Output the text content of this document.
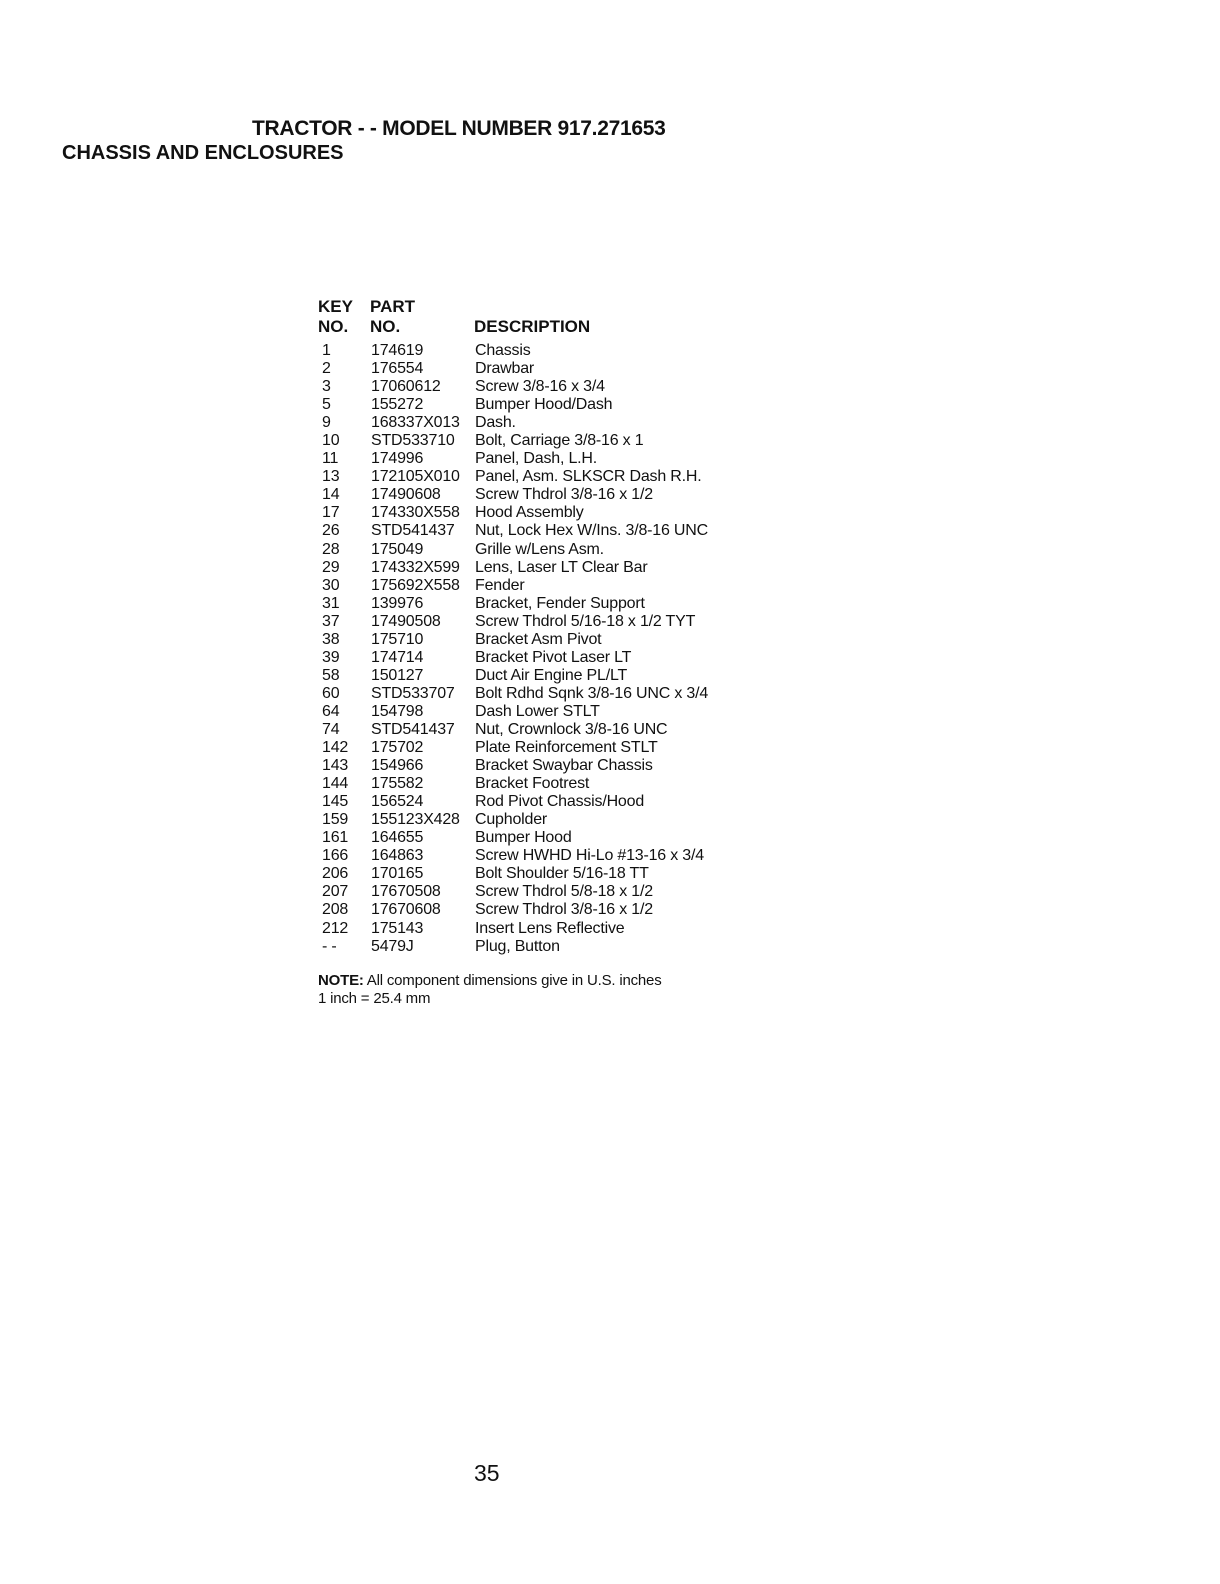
TRACTOR - - MODEL NUMBER 917.271653
CHASSIS AND ENCLOSURES
KEY PART
NO. NO.	DESCRIPTION
1	174619	Chassis
2	176554	Drawbar
3	17060612 Screw 3/8-16 x 3/4
5	155272	Bumper Hood/Dash
9	168337X013 Dash.
10 STD533710 Bolt, Carriage 3/8-16 x 1
11 174996	Panel, Dash, L.H.
13 172105X010 Panel, Asm. SLKSCR Dash R.H.
14 17490608 Screw Thdrol 3/8-16 x 1/2
17 174330X558 Hood Assembly
26 STD541437 Nut, Lock Hex W/Ins. 3/8-16 UNC
28 175049	Grille w/Lens Asm.
29 174332X599 Lens, Laser LT Clear Bar
30 175692X558 Fender
31 139976	Bracket, Fender Support
37 17490508 Screw Thdrol 5/16-18 x 1/2 TYT
38 175710	Bracket Asm Pivot
39 174714	Bracket Pivot Laser LT
58 150127	Duct Air Engine PL/LT
60 STD533707 Bolt Rdhd Sqnk 3/8-16 UNC x 3/4
64 154798	Dash Lower STLT
74 STD541437 Nut, Crownlock 3/8-16 UNC
142 175702	Plate Reinforcement STLT
143 154966	Bracket Swaybar Chassis
144 175582	Bracket Footrest
145 156524	Rod Pivot Chassis/Hood
159 155123X428 Cupholder
161 164655	Bumper Hood
166 164863	Screw HWHD Hi-Lo #13-16 x 3/4
206 170165	Bolt Shoulder 5/16-18 TT
207 17670508 Screw Thdrol 5/8-18 x 1/2
208 17670608 Screw Thdrol 3/8-16 x 1/2
212 175143	Insert Lens Reflective
- - 5479J	Plug, Button
NOTE: All component dimensions give in U.S. inches
1 inch = 25.4 mm
35
